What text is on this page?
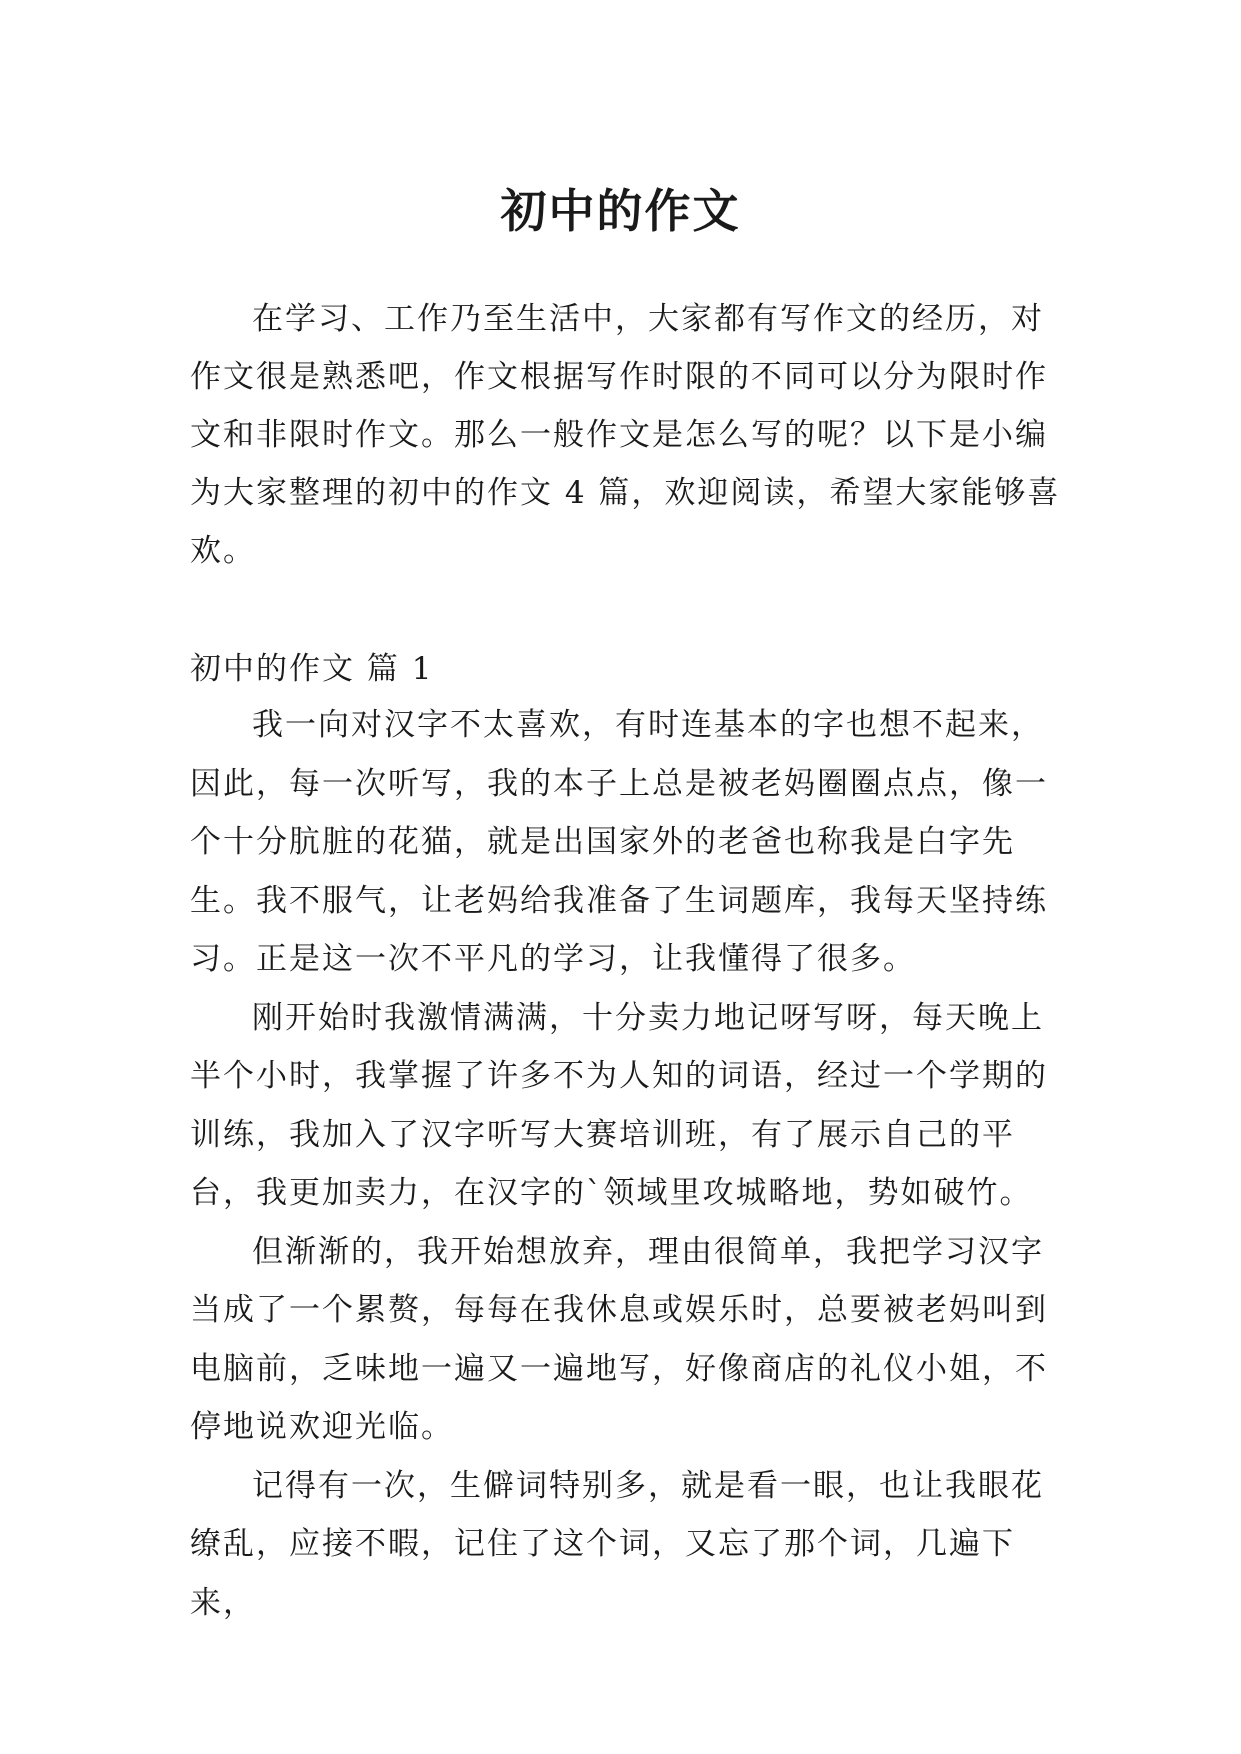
初中的作文

在学习、工作乃至生活中，大家都有写作文的经历，对作文很是熟悉吧，作文根据写作时限的不同可以分为限时作文和非限时作文。那么一般作文是怎么写的呢？以下是小编为大家整理的初中的作文 4 篇，欢迎阅读，希望大家能够喜欢。

初中的作文 篇 1

我一向对汉字不太喜欢，有时连基本的字也想不起来，因此，每一次听写，我的本子上总是被老妈圈圈点点，像一个十分肮脏的花猫，就是出国家外的老爸也称我是白字先生。我不服气，让老妈给我准备了生词题库，我每天坚持练习。正是这一次不平凡的学习，让我懂得了很多。

刚开始时我激情满满，十分卖力地记呀写呀，每天晚上半个小时，我掌握了许多不为人知的词语，经过一个学期的训练，我加入了汉字听写大赛培训班，有了展示自己的平台，我更加卖力，在汉字的`领域里攻城略地，势如破竹。

但渐渐的，我开始想放弃，理由很简单，我把学习汉字当成了一个累赘，每每在我休息或娱乐时，总要被老妈叫到电脑前，乏味地一遍又一遍地写，好像商店的礼仪小姐，不停地说欢迎光临。

记得有一次，生僻词特别多，就是看一眼，也让我眼花缭乱，应接不暇，记住了这个词，又忘了那个词，几遍下来，
